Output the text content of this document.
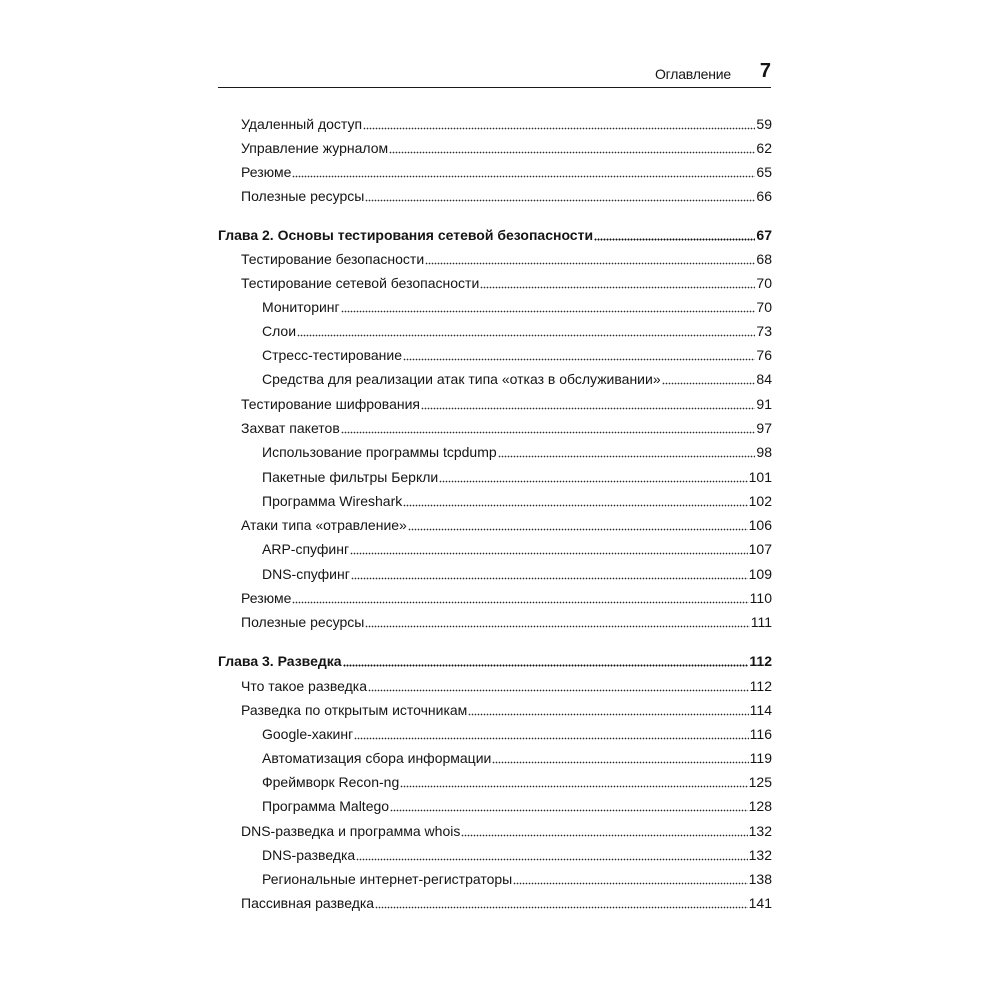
Оглавление 7
Удаленный доступ	59
Управление журналом	62
Резюме	65
Полезные ресурсы	66
Глава 2. Основы тестирования сетевой безопасности	67
Тестирование безопасности	68
Тестирование сетевой безопасности	70
Мониторинг	70
Слои	73
Стресс-тестирование	76
Средства для реализации атак типа «отказ в обслуживании»	84
Тестирование шифрования	91
Захват пакетов	97
Использование программы tcpdump	98
Пакетные фильтры Беркли	101
Программа Wireshark	102
Атаки типа «отравление»	106
ARP-спуфинг	107
DNS-спуфинг	109
Резюме	110
Полезные ресурсы	111
Глава 3. Разведка	112
Что такое разведка	112
Разведка по открытым источникам	114
Google-хакинг	116
Автоматизация сбора информации	119
Фреймворк Recon-ng	125
Программа Maltego	128
DNS-разведка и программа whois	132
DNS-разведка	132
Региональные интернет-регистраторы	138
Пассивная разведка	141
